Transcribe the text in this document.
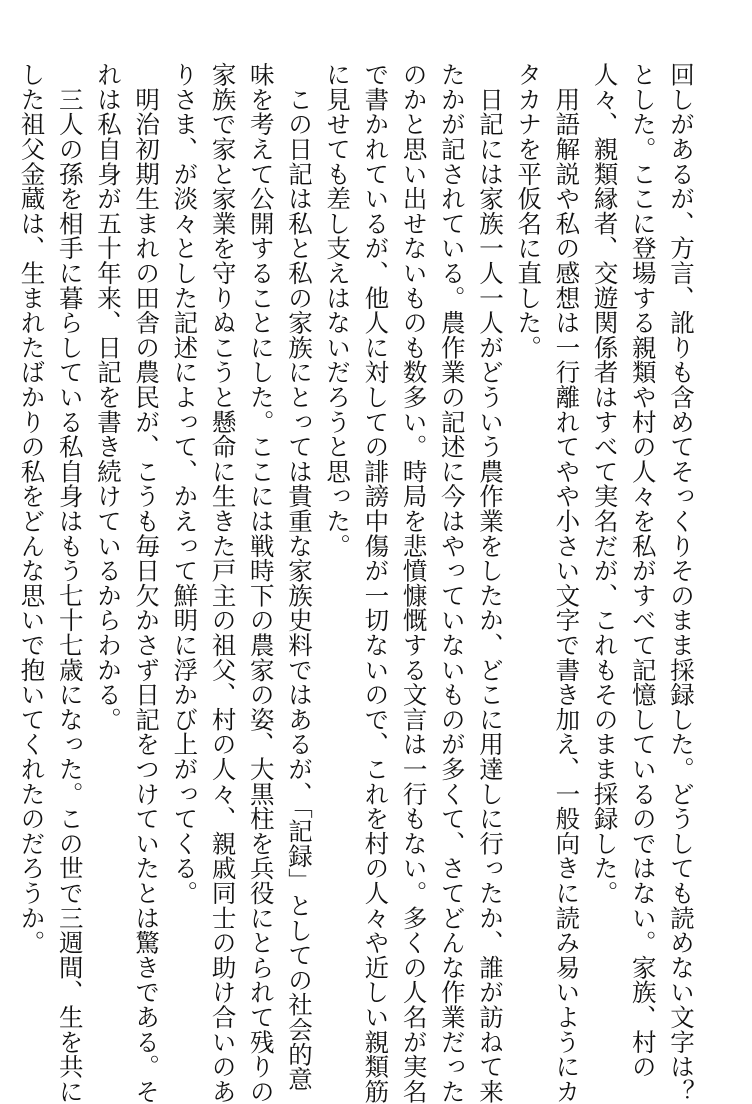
回しがあるが、方言、訛りも含めてそっくりそのまま採録した。どうしても読めない文字は？
とした。ここに登場する親類や村の人々を私がすべて記憶しているのではない。家族、村の
人々、親類縁者、交遊関係者はすべて実名だが、これもそのまま採録した。
　用語解説や私の感想は一行離れてやや小さい文字で書き加え、一般向きに読み易いようにカ
タカナを平仮名に直した。
　日記には家族一人一人がどういう農作業をしたか、どこに用達しに行ったか、誰が訪ねて来
たかが記されている。農作業の記述に今はやっていないものが多くて、さてどんな作業だった
のかと思い出せないものも数多い。時局を悲憤慷慨する文言は一行もない。多くの人名が実名
で書かれているが、他人に対しての誹謗中傷が一切ないので、これを村の人々や近しい親類筋
に見せても差し支えはないだろうと思った。
　この日記は私と私の家族にとっては貴重な家族史料ではあるが、「記録」としての社会的意
味を考えて公開することにした。ここには戦時下の農家の姿、大黒柱を兵役にとられて残りの
家族で家と家業を守りぬこうと懸命に生きた戸主の祖父、村の人々、親戚同士の助け合いのあ
りさま、が淡々とした記述によって、かえって鮮明に浮かび上がってくる。
　明治初期生まれの田舎の農民が、こうも毎日欠かさず日記をつけていたとは驚きである。そ
れは私自身が五十年来、日記を書き続けているからわかる。
　三人の孫を相手に暮らしている私自身はもう七十七歳になった。この世で三週間、生を共に
した祖父金蔵は、生まれたばかりの私をどんな思いで抱いてくれたのだろうか。
